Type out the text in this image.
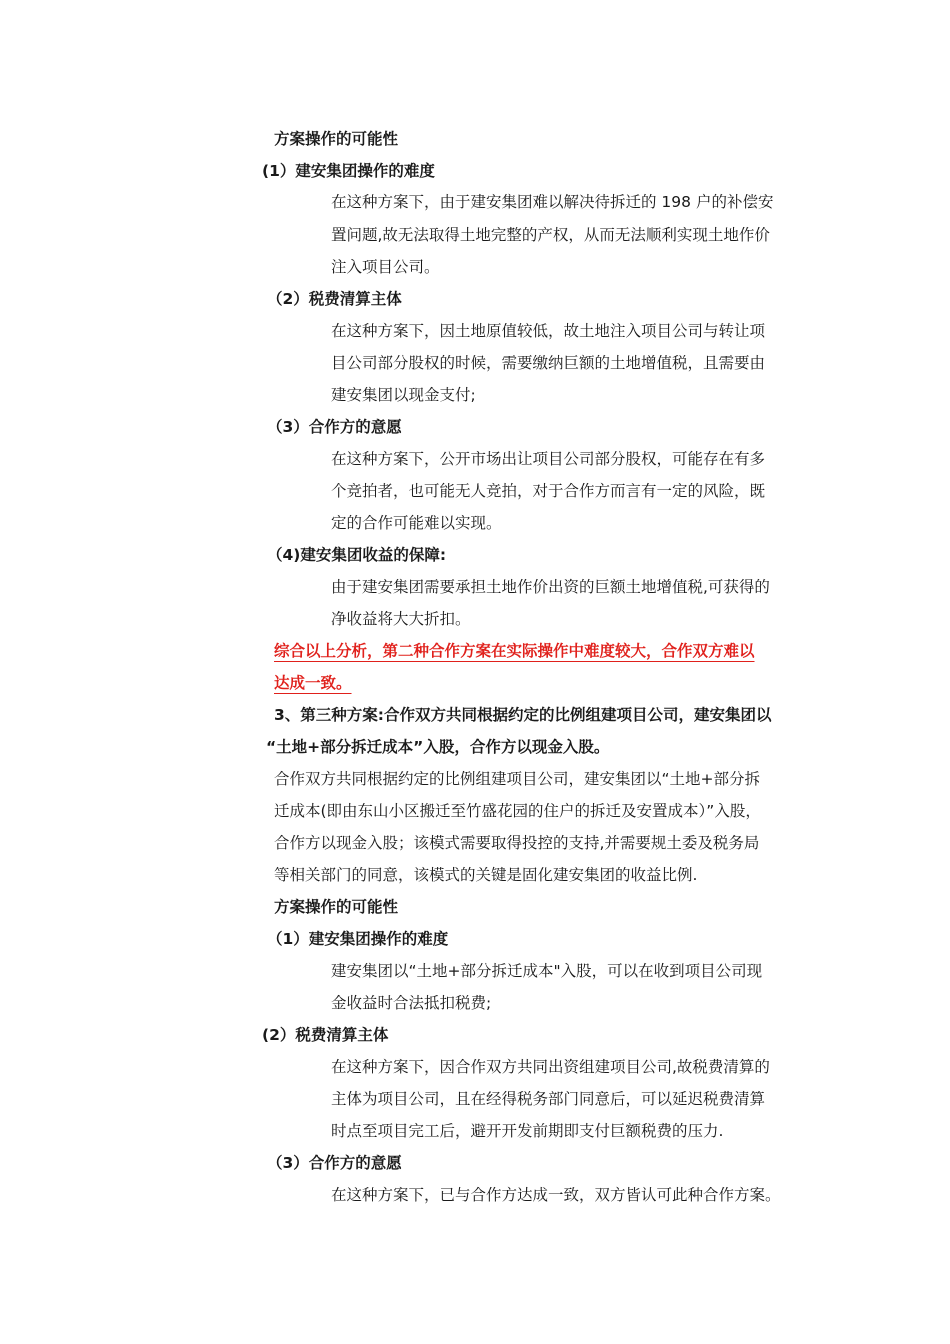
方案操作的可能性
(1）建安集团操作的难度
在这种方案下，由于建安集团难以解决待拆迁的 198 户的补偿安
置问题,故无法取得土地完整的产权，从而无法顺利实现土地作价
注入项目公司。
（2）税费清算主体
在这种方案下，因土地原值较低，故土地注入项目公司与转让项
目公司部分股权的时候，需要缴纳巨额的土地增值税，且需要由
建安集团以现金支付;
（3）合作方的意愿
在这种方案下，公开市场出让项目公司部分股权，可能存在有多
个竞拍者，也可能无人竞拍，对于合作方而言有一定的风险，既
定的合作可能难以实现。
（4)建安集团收益的保障:
由于建安集团需要承担土地作价出资的巨额土地增值税,可获得的
净收益将大大折扣。
综合以上分析，第二种合作方案在实际操作中难度较大，合作双方难以
达成一致。
3、第三种方案:合作双方共同根据约定的比例组建项目公司，建安集团以
“土地+部分拆迁成本”入股，合作方以现金入股。
合作双方共同根据约定的比例组建项目公司，建安集团以“土地+部分拆
迁成本(即由东山小区搬迁至竹盛花园的住户的拆迁及安置成本）”入股，
合作方以现金入股；该模式需要取得投控的支持,并需要规土委及税务局
等相关部门的同意，该模式的关键是固化建安集团的收益比例.
方案操作的可能性
（1）建安集团操作的难度
建安集团以“土地+部分拆迁成本"入股，可以在收到项目公司现
金收益时合法抵扣税费;
(2）税费清算主体
在这种方案下，因合作双方共同出资组建项目公司,故税费清算的
主体为项目公司，且在经得税务部门同意后，可以延迟税费清算
时点至项目完工后，避开开发前期即支付巨额税费的压力.
（3）合作方的意愿
在这种方案下，已与合作方达成一致，双方皆认可此种合作方案。
